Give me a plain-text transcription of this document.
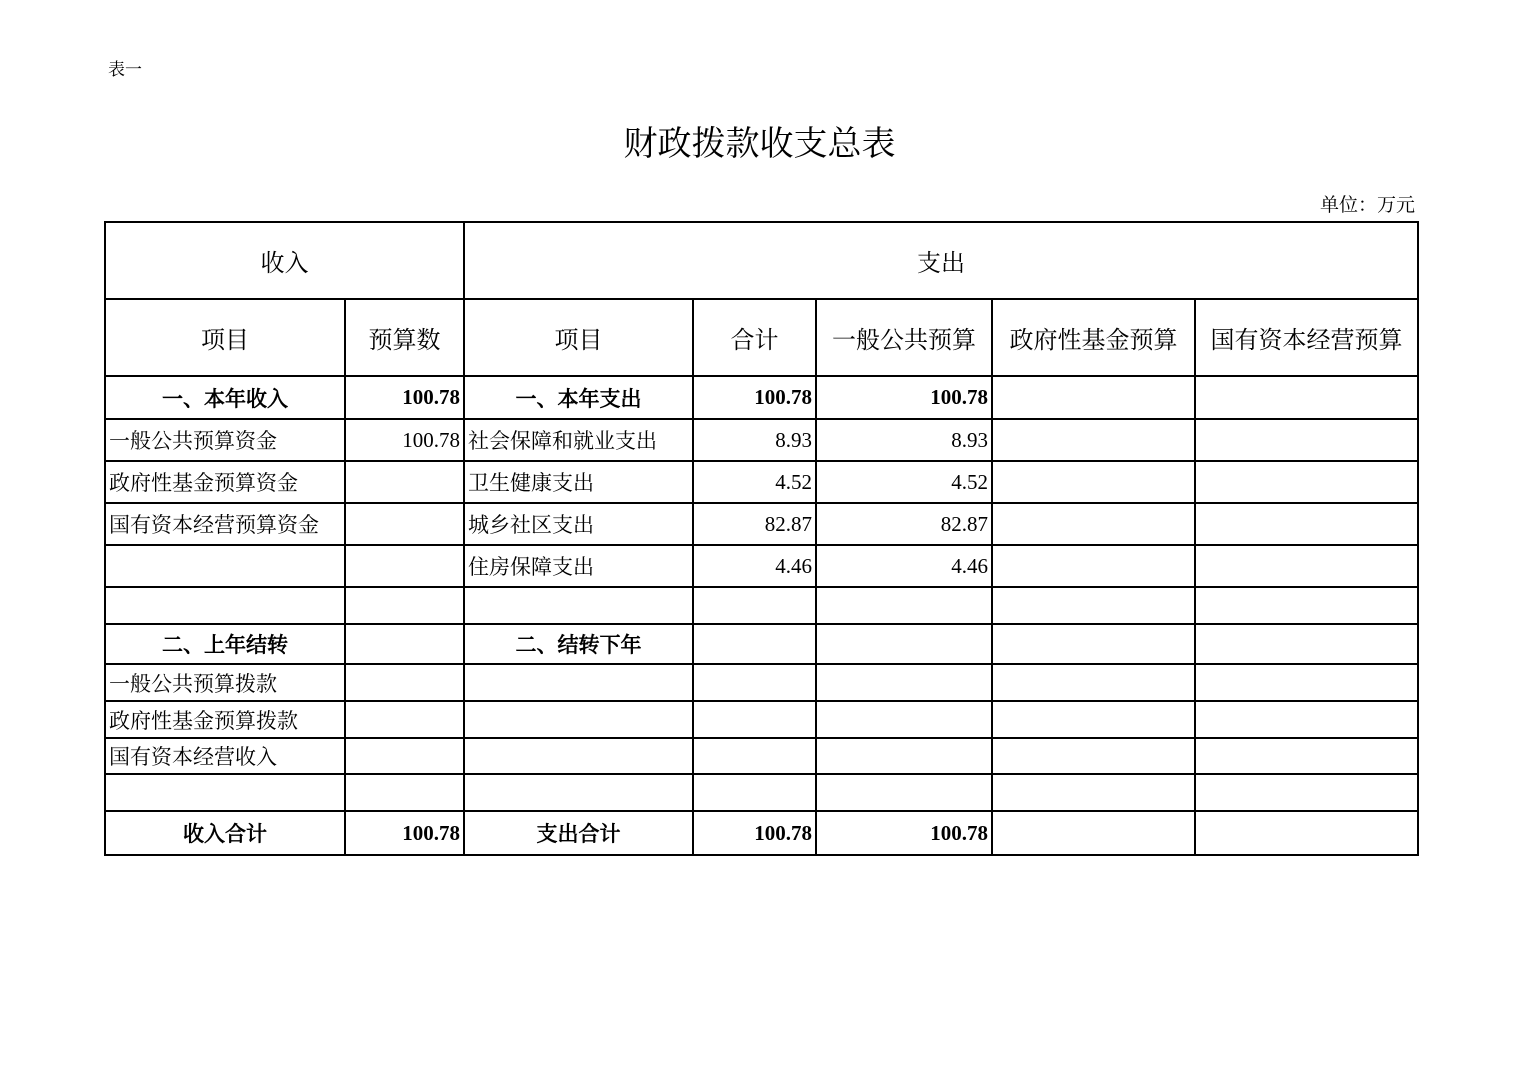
表一
财政拨款收支总表
单位：万元
收入		支出				
项目	预算数	项目	合计	一般公共预算	政府性基金预算	国有资本经营预算
一、本年收入	100.78	一、本年支出	100.78	100.78		
一般公共预算资金	100.78	社会保障和就业支出	8.93	8.93		
政府性基金预算资金		卫生健康支出	4.52	4.52		
国有资本经营预算资金		城乡社区支出	82.87	82.87		
		住房保障支出	4.46	4.46		

二、上年结转		二、结转下年				
一般公共预算拨款						
政府性基金预算拨款						
国有资本经营收入						

收入合计	100.78	支出合计	100.78	100.78		
